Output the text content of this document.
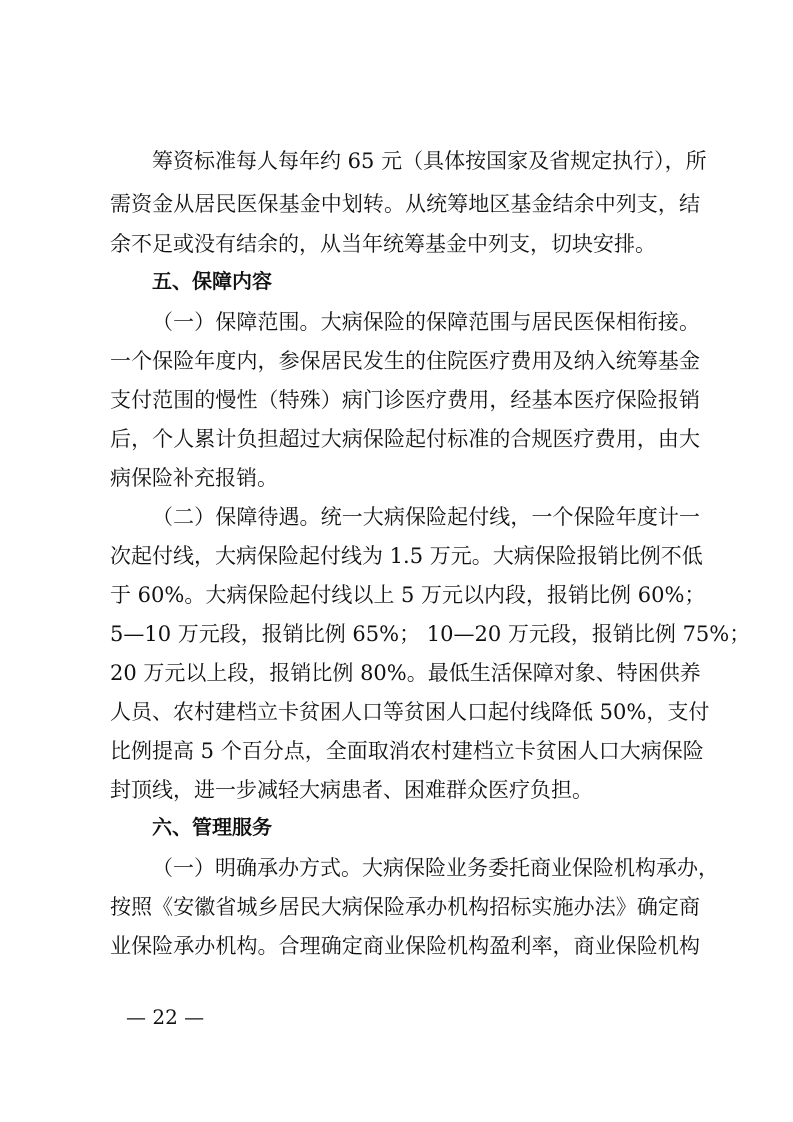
筹资标准每人每年约 65 元（具体按国家及省规定执行），所
需资金从居民医保基金中划转。从统筹地区基金结余中列支，结
余不足或没有结余的，从当年统筹基金中列支，切块安排。
五、保障内容
（一）保障范围。大病保险的保障范围与居民医保相衔接。
一个保险年度内，参保居民发生的住院医疗费用及纳入统筹基金
支付范围的慢性（特殊）病门诊医疗费用，经基本医疗保险报销
后，个人累计负担超过大病保险起付标准的合规医疗费用，由大
病保险补充报销。
（二）保障待遇。统一大病保险起付线，一个保险年度计一
次起付线，大病保险起付线为 1.5 万元。大病保险报销比例不低
于 60%。大病保险起付线以上 5 万元以内段，报销比例 60%；
5—10 万元段，报销比例 65%； 10—20 万元段，报销比例 75%；
20 万元以上段，报销比例 80%。最低生活保障对象、特困供养
人员、农村建档立卡贫困人口等贫困人口起付线降低 50%，支付
比例提高 5 个百分点，全面取消农村建档立卡贫困人口大病保险
封顶线，进一步减轻大病患者、困难群众医疗负担。
六、管理服务
（一）明确承办方式。大病保险业务委托商业保险机构承办，
按照《安徽省城乡居民大病保险承办机构招标实施办法》确定商
业保险承办机构。合理确定商业保险机构盈利率，商业保险机构
— 22 —
